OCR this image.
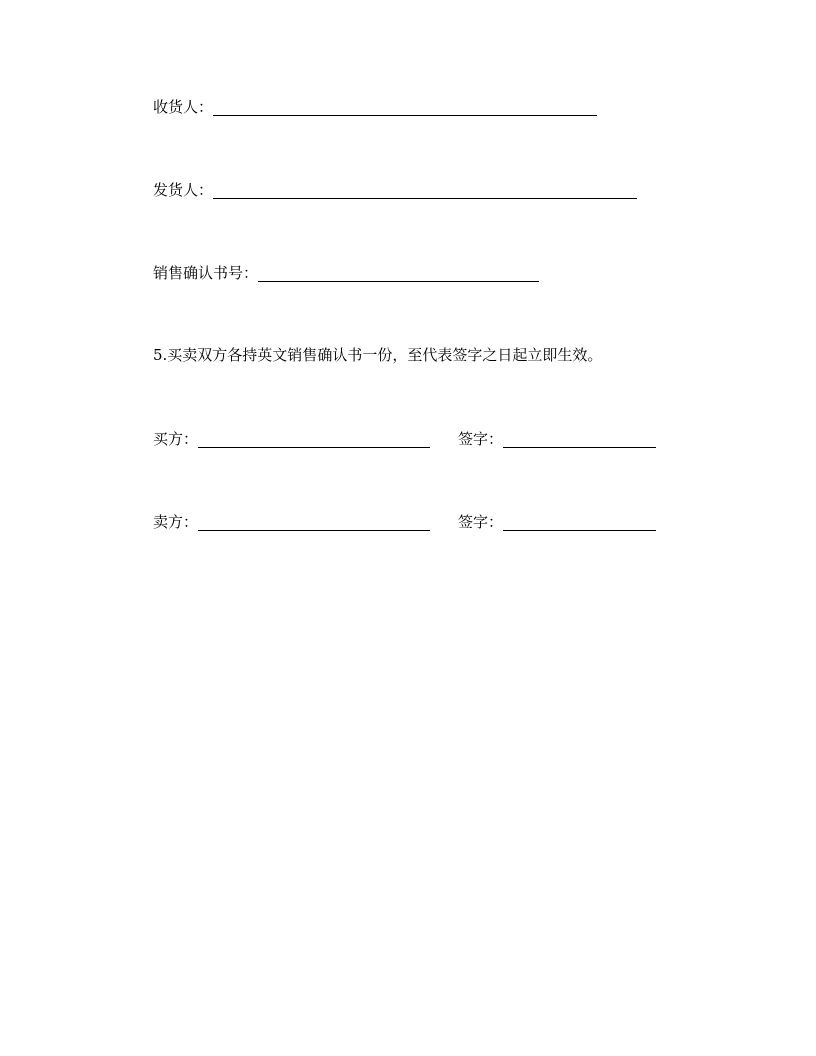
收货人：
发货人：
销售确认书号：
5.买卖双方各持英文销售确认书一份，至代表签字之日起立即生效。
买方：	签字：
卖方：	签字：
